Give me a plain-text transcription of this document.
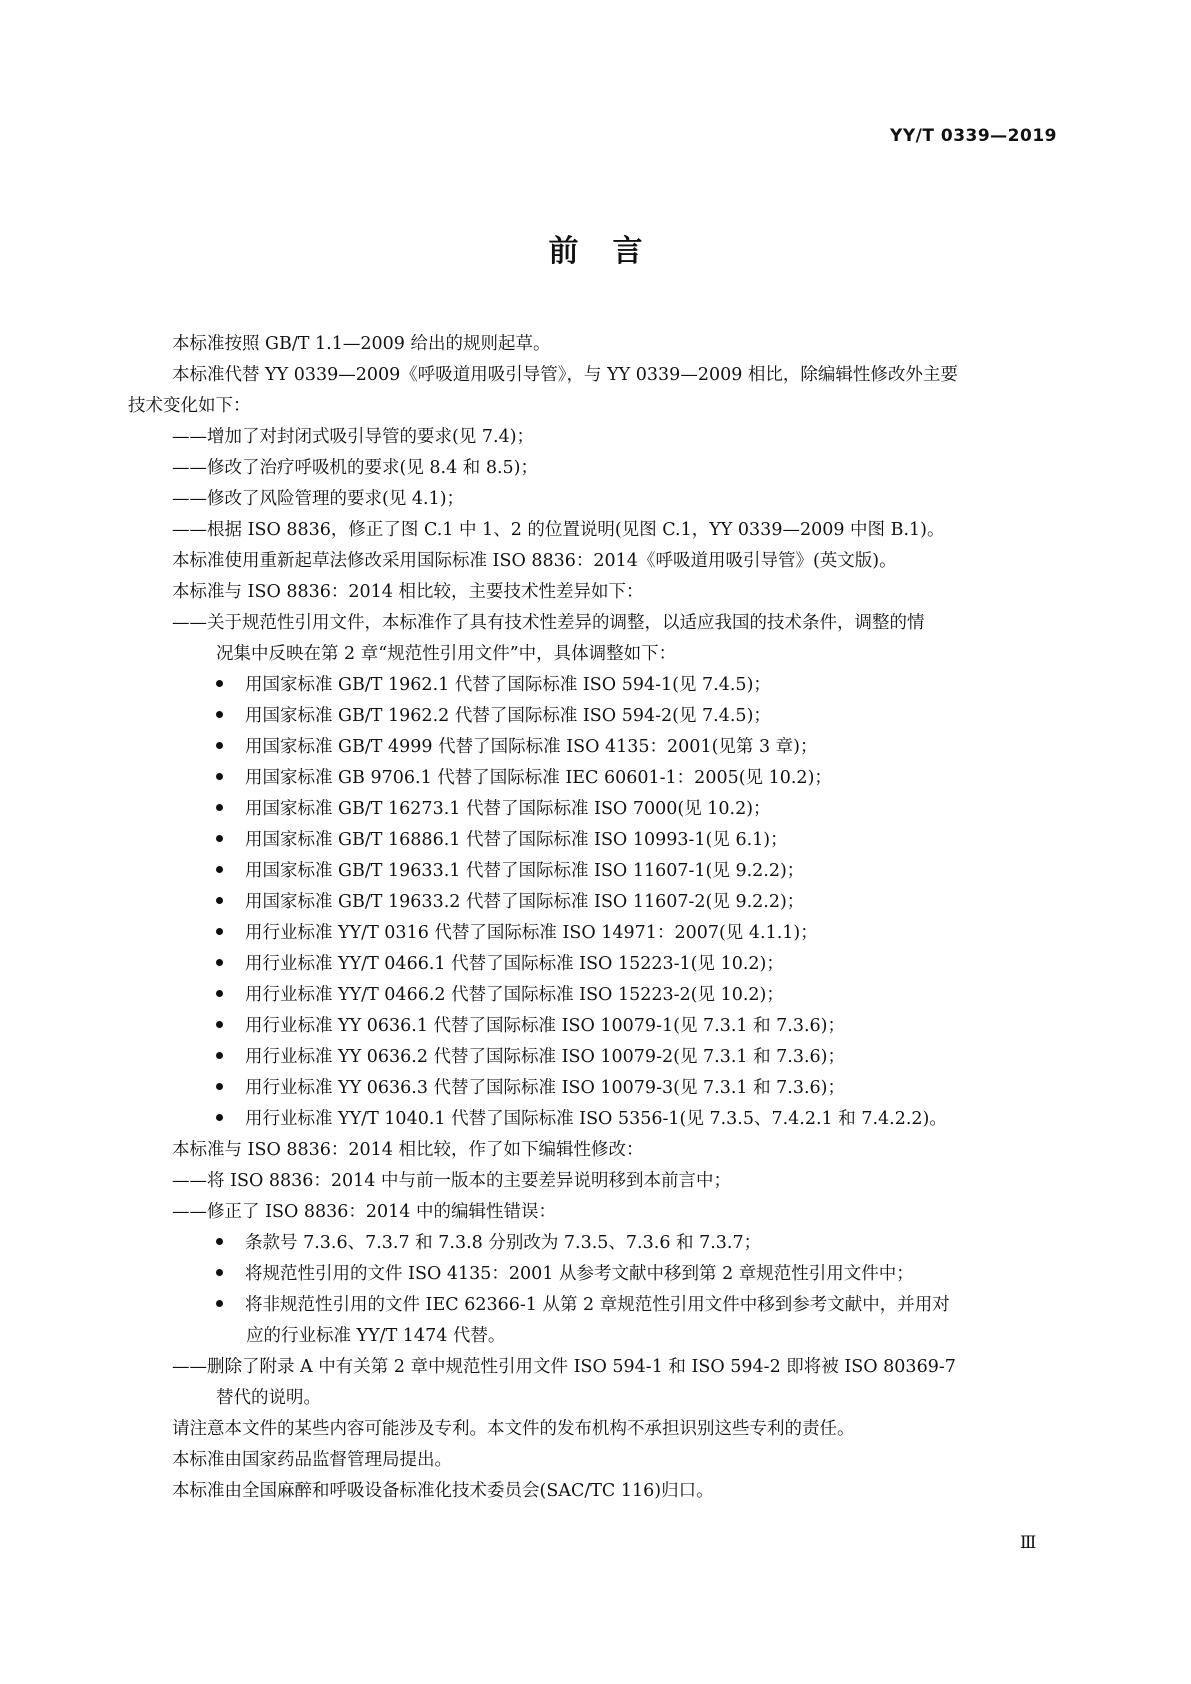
YY/T 0339—2019
前言
本标准按照 GB/T 1.1—2009 给出的规则起草。
本标准代替 YY 0339—2009《呼吸道用吸引导管》，与 YY 0339—2009 相比，除编辑性修改外主要
技术变化如下：
——增加了对封闭式吸引导管的要求(见 7.4)；
——修改了治疗呼吸机的要求(见 8.4 和 8.5)；
——修改了风险管理的要求(见 4.1)；
——根据 ISO 8836，修正了图 C.1 中 1、2 的位置说明(见图 C.1，YY 0339—2009 中图 B.1)。
本标准使用重新起草法修改采用国际标准 ISO 8836：2014《呼吸道用吸引导管》(英文版)。
本标准与 ISO 8836：2014 相比较，主要技术性差异如下：
——关于规范性引用文件，本标准作了具有技术性差异的调整，以适应我国的技术条件，调整的情
况集中反映在第 2 章“规范性引用文件”中，具体调整如下：
用国家标准 GB/T 1962.1 代替了国际标准 ISO 594-1(见 7.4.5)；
用国家标准 GB/T 1962.2 代替了国际标准 ISO 594-2(见 7.4.5)；
用国家标准 GB/T 4999 代替了国际标准 ISO 4135：2001(见第 3 章)；
用国家标准 GB 9706.1 代替了国际标准 IEC 60601-1：2005(见 10.2)；
用国家标准 GB/T 16273.1 代替了国际标准 ISO 7000(见 10.2)；
用国家标准 GB/T 16886.1 代替了国际标准 ISO 10993-1(见 6.1)；
用国家标准 GB/T 19633.1 代替了国际标准 ISO 11607-1(见 9.2.2)；
用国家标准 GB/T 19633.2 代替了国际标准 ISO 11607-2(见 9.2.2)；
用行业标准 YY/T 0316 代替了国际标准 ISO 14971：2007(见 4.1.1)；
用行业标准 YY/T 0466.1 代替了国际标准 ISO 15223-1(见 10.2)；
用行业标准 YY/T 0466.2 代替了国际标准 ISO 15223-2(见 10.2)；
用行业标准 YY 0636.1 代替了国际标准 ISO 10079-1(见 7.3.1 和 7.3.6)；
用行业标准 YY 0636.2 代替了国际标准 ISO 10079-2(见 7.3.1 和 7.3.6)；
用行业标准 YY 0636.3 代替了国际标准 ISO 10079-3(见 7.3.1 和 7.3.6)；
用行业标准 YY/T 1040.1 代替了国际标准 ISO 5356-1(见 7.3.5、7.4.2.1 和 7.4.2.2)。
本标准与 ISO 8836：2014 相比较，作了如下编辑性修改：
——将 ISO 8836：2014 中与前一版本的主要差异说明移到本前言中；
——修正了 ISO 8836：2014 中的编辑性错误：
条款号 7.3.6、7.3.7 和 7.3.8 分别改为 7.3.5、7.3.6 和 7.3.7；
将规范性引用的文件 ISO 4135：2001 从参考文献中移到第 2 章规范性引用文件中；
将非规范性引用的文件 IEC 62366-1 从第 2 章规范性引用文件中移到参考文献中，并用对
应的行业标准 YY/T 1474 代替。
——删除了附录 A 中有关第 2 章中规范性引用文件 ISO 594-1 和 ISO 594-2 即将被 ISO 80369-7
替代的说明。
请注意本文件的某些内容可能涉及专利。本文件的发布机构不承担识别这些专利的责任。
本标准由国家药品监督管理局提出。
本标准由全国麻醉和呼吸设备标准化技术委员会(SAC/TC 116)归口。
Ⅲ
